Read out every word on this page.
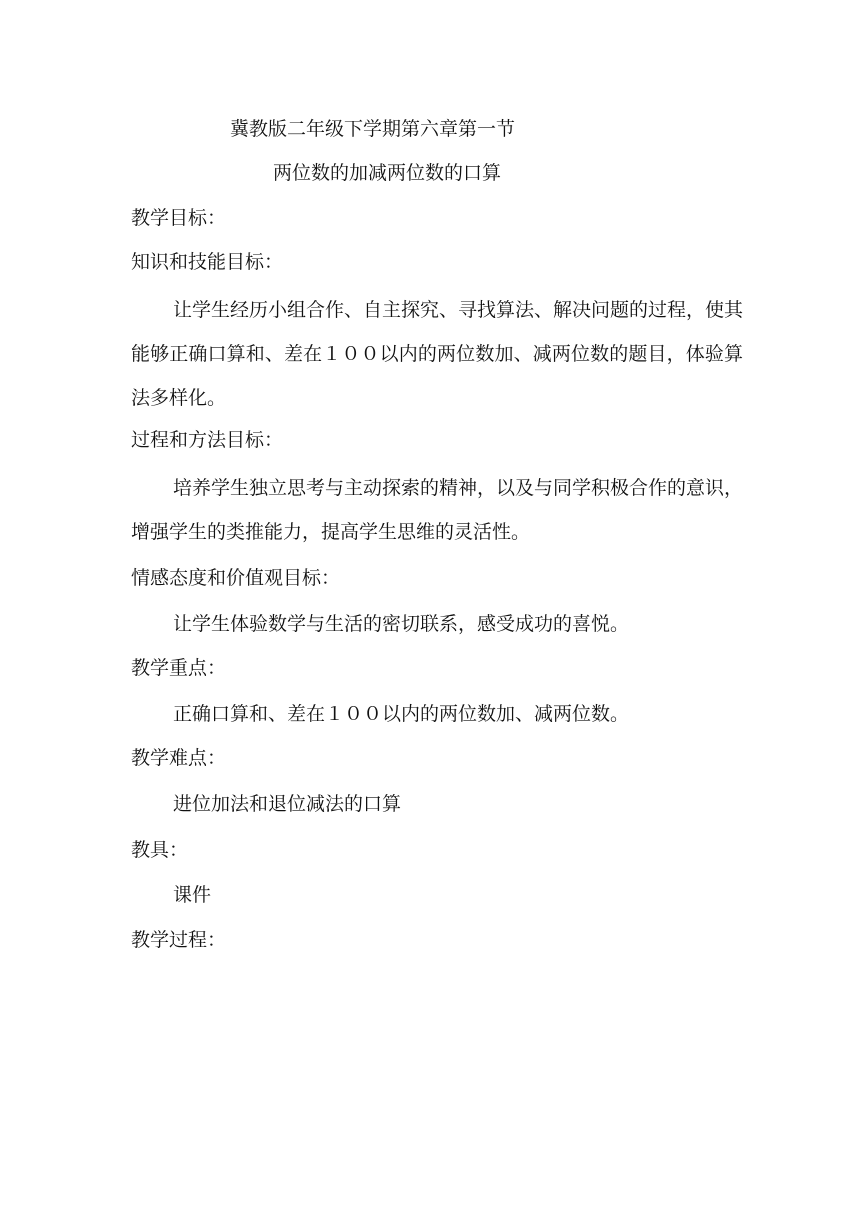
冀教版二年级下学期第六章第一节
两位数的加减两位数的口算
教学目标：
知识和技能目标：
让学生经历小组合作、自主探究、寻找算法、解决问题的过程，使其能够正确口算和、差在１００以内的两位数加、减两位数的题目，体验算法多样化。
过程和方法目标：
培养学生独立思考与主动探索的精神，以及与同学积极合作的意识，增强学生的类推能力，提高学生思维的灵活性。
情感态度和价值观目标：
让学生体验数学与生活的密切联系，感受成功的喜悦。
教学重点：
正确口算和、差在１００以内的两位数加、减两位数。
教学难点：
进位加法和退位减法的口算
教具：
课件
教学过程：
